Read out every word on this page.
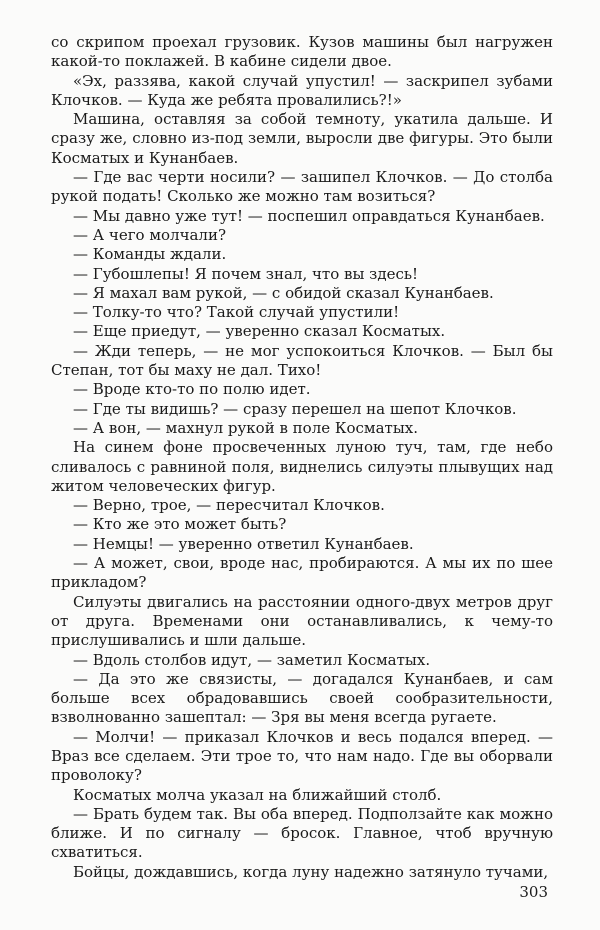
со скрипом проехал грузовик. Кузов машины был нагружен какой-то поклажей. В кабине сидели двое.

«Эх, раззява, какой случай упустил! — заскрипел зубами Клочков. — Куда же ребята провалились?!»

Машина, оставляя за собой темноту, укатила дальше. И сразу же, словно из-под земли, выросли две фигуры. Это были Косматых и Кунанбаев.

— Где вас черти носили? — зашипел Клочков. — До столба рукой подать! Сколько же можно там возиться?

— Мы давно уже тут! — поспешил оправдаться Кунанбаев.

— А чего молчали?

— Команды ждали.

— Губошлепы! Я почем знал, что вы здесь!

— Я махал вам рукой, — с обидой сказал Кунанбаев.

— Толку-то что? Такой случай упустили!

— Еще приедут, — уверенно сказал Косматых.

— Жди теперь, — не мог успокоиться Клочков. — Был бы Степан, тот бы маху не дал. Тихо!

— Вроде кто-то по полю идет.

— Где ты видишь? — сразу перешел на шепот Клочков.

— А вон, — махнул рукой в поле Косматых.

На синем фоне просвеченных луною туч, там, где небо сливалось с равниной поля, виднелись силуэты плывущих над житом человеческих фигур.

— Верно, трое, — пересчитал Клочков.

— Кто же это может быть?

— Немцы! — уверенно ответил Кунанбаев.

— А может, свои, вроде нас, пробираются. А мы их по шее прикладом?

Силуэты двигались на расстоянии одного-двух метров друг от друга. Временами они останавливались, к чему-то прислушивались и шли дальше.

— Вдоль столбов идут, — заметил Косматых.

— Да это же связисты, — догадался Кунанбаев, и сам больше всех обрадовавшись своей сообразительности, взволнованно зашептал: — Зря вы меня всегда ругаете.

— Молчи! — приказал Клочков и весь подался вперед. — Враз все сделаем. Эти трое то, что нам надо. Где вы оборвали проволоку?

Косматых молча указал на ближайший столб.

— Брать будем так. Вы оба вперед. Подползайте как можно ближе. И по сигналу — бросок. Главное, чтоб вручную схватиться.

Бойцы, дождавшись, когда луну надежно затянуло тучами,

303
